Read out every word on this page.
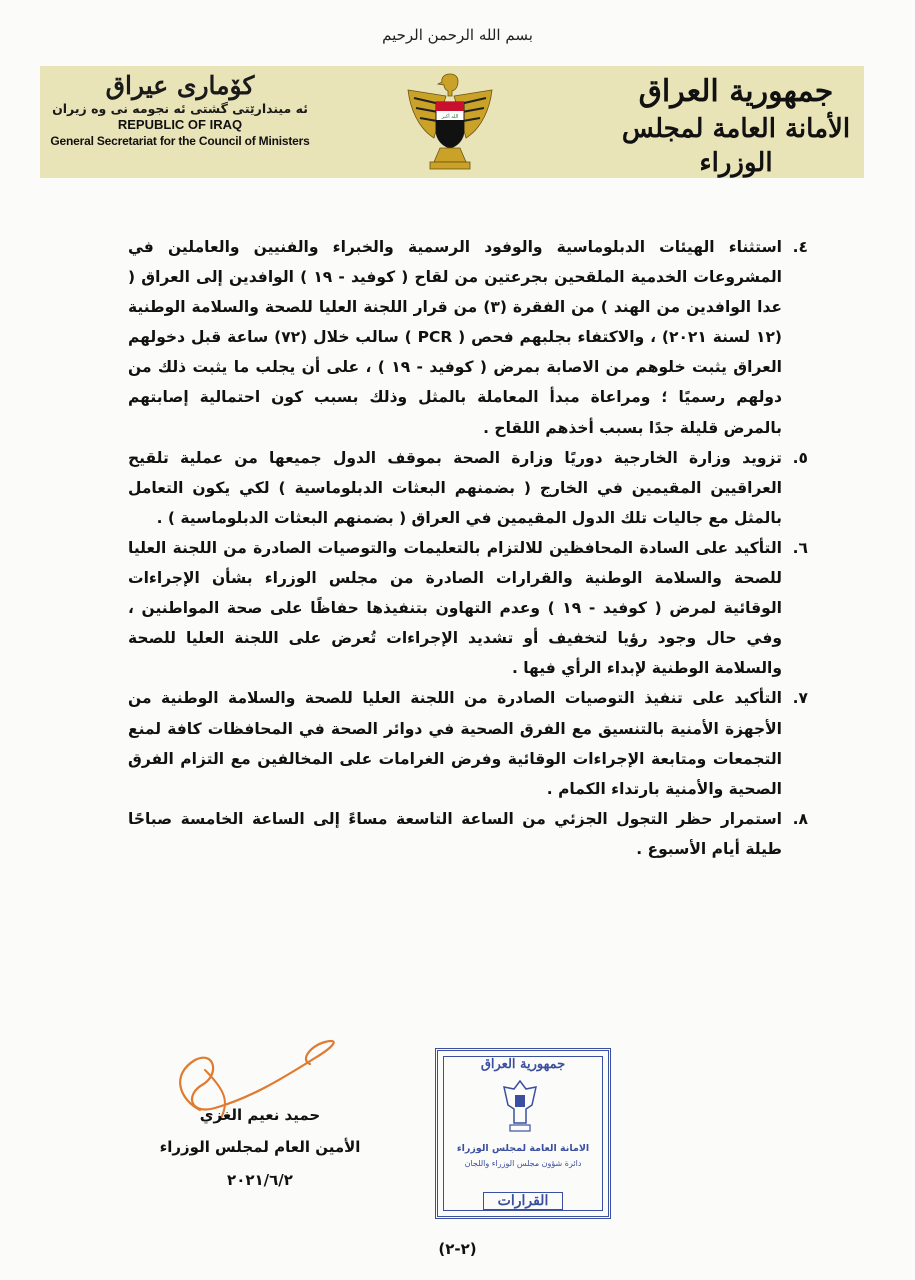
بسم الله الرحمن الرحيم
كۆماری عیراق
ئه‌ میندارێتی گشتی ئه‌ نجومه‌ نی وه‌ زیران
REPUBLIC OF IRAQ
General Secretariat for the Council of Ministers
الله أكبر
جمهورية العراق
الأمانة العامة لمجلس الوزراء
٤.
استثناء الهيئات الدبلوماسية والوفود الرسمية والخبراء والفنيين والعاملين في المشروعات الخدمية الملقحين بجرعتين من لقاح ( كوفيد - ١٩ ) الوافدين إلى العراق ( عدا الوافدين من الهند ) من الفقرة (٣) من قرار اللجنة العليا للصحة والسلامة الوطنية (١٢ لسنة ٢٠٢١) ، والاكتفاء بجلبهم فحص ( PCR ) سالب خلال (٧٢) ساعة قبل دخولهم العراق يثبت خلوهم من الاصابة بمرض ( كوفيد - ١٩ ) ، على أن يجلب ما يثبت ذلك من دولهم رسميًا ؛ ومراعاة مبدأ المعاملة بالمثل وذلك بسبب كون احتمالية إصابتهم بالمرض قليلة جدًا بسبب أخذهم اللقاح .
٥.
تزويد وزارة الخارجية دوريًا وزارة الصحة بموقف الدول جميعها من عملية تلقيح العراقيين المقيمين في الخارج ( بضمنهم البعثات الدبلوماسية ) لكي يكون التعامل بالمثل مع جاليات تلك الدول المقيمين في العراق ( بضمنهم البعثات الدبلوماسية ) .
٦.
التأكيد على السادة المحافظين للالتزام بالتعليمات والتوصيات الصادرة من اللجنة العليا للصحة والسلامة الوطنية والقرارات الصادرة من مجلس الوزراء بشأن الإجراءات الوقائية لمرض ( كوفيد - ١٩ ) وعدم التهاون بتنفيذها حفاظًا على صحة المواطنين ، وفي حال وجود رؤيا لتخفيف أو تشديد الإجراءات تُعرض على اللجنة العليا للصحة والسلامة الوطنية لإبداء الرأي فيها .
٧.
التأكيد على تنفيذ التوصيات الصادرة من اللجنة العليا للصحة والسلامة الوطنية من الأجهزة الأمنية بالتنسيق مع الفرق الصحية في دوائر الصحة في المحافظات كافة لمنع التجمعات ومتابعة الإجراءات الوقائية وفرض الغرامات على المخالفين مع التزام الفرق الصحية والأمنية بارتداء الكمام .
٨.
استمرار حظر التجول الجزئي من الساعة التاسعة مساءً إلى الساعة الخامسة صباحًا طيلة أيام الأسبوع .
حميد نعيم الغزي
الأمين العام لمجلس الوزراء
٢٠٢١/٦/٢
جمهورية العراق
الامانة العامة لمجلس الوزراء
دائرة شؤون مجلس الوزراء واللجان
القرارات
(٢-٢)
